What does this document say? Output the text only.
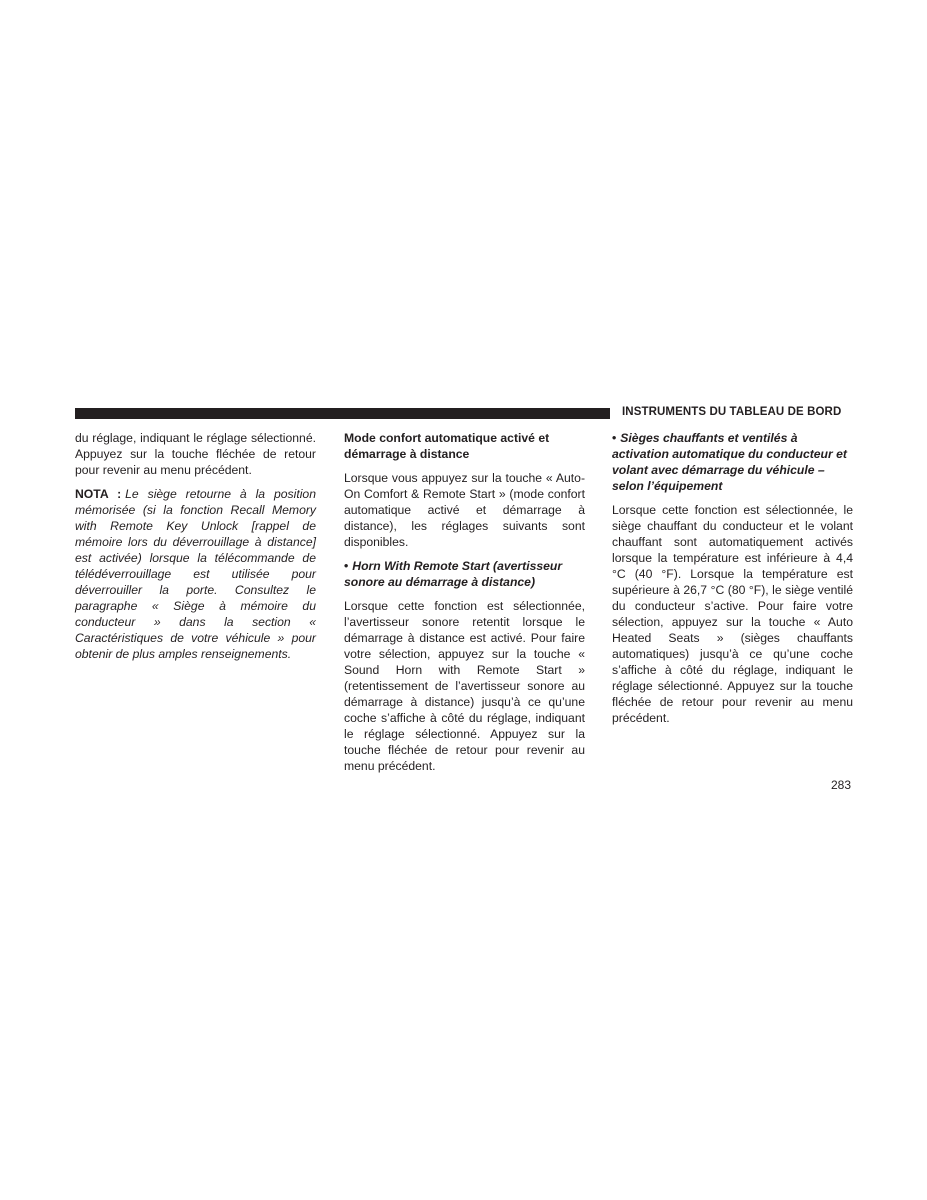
INSTRUMENTS DU TABLEAU DE BORD

du réglage, indiquant le réglage sélectionné. Appuyez sur la touche fléchée de retour pour revenir au menu précédent.

NOTA : Le siège retourne à la position mémorisée (si la fonction Recall Memory with Remote Key Unlock [rappel de mémoire lors du déverrouillage à distance] est activée) lorsque la télécommande de télédéverrouillage est utilisée pour déverrouiller la porte. Consultez le paragraphe « Siège à mémoire du conducteur » dans la section « Caractéristiques de votre véhicule » pour obtenir de plus amples renseignements.

Mode confort automatique activé et démarrage à distance

Lorsque vous appuyez sur la touche « Auto-On Comfort & Remote Start » (mode confort automatique activé et démarrage à distance), les réglages suivants sont disponibles.

• Horn With Remote Start (avertisseur sonore au démarrage à distance)

Lorsque cette fonction est sélectionnée, l’avertisseur sonore retentit lorsque le démarrage à distance est activé. Pour faire votre sélection, appuyez sur la touche « Sound Horn with Remote Start » (retentissement de l’avertisseur sonore au démarrage à distance) jusqu’à ce qu’une coche s’affiche à côté du réglage, indiquant le réglage sélectionné. Appuyez sur la touche fléchée de retour pour revenir au menu précédent.

• Sièges chauffants et ventilés à activation automatique du conducteur et volant avec démarrage du véhicule – selon l’équipement

Lorsque cette fonction est sélectionnée, le siège chauffant du conducteur et le volant chauffant sont automatiquement activés lorsque la température est inférieure à 4,4 °C (40 °F). Lorsque la température est supérieure à 26,7 °C (80 °F), le siège ventilé du conducteur s’active. Pour faire votre sélection, appuyez sur la touche « Auto Heated Seats » (sièges chauffants automatiques) jusqu’à ce qu’une coche s’affiche à côté du réglage, indiquant le réglage sélectionné. Appuyez sur la touche fléchée de retour pour revenir au menu précédent.

283
